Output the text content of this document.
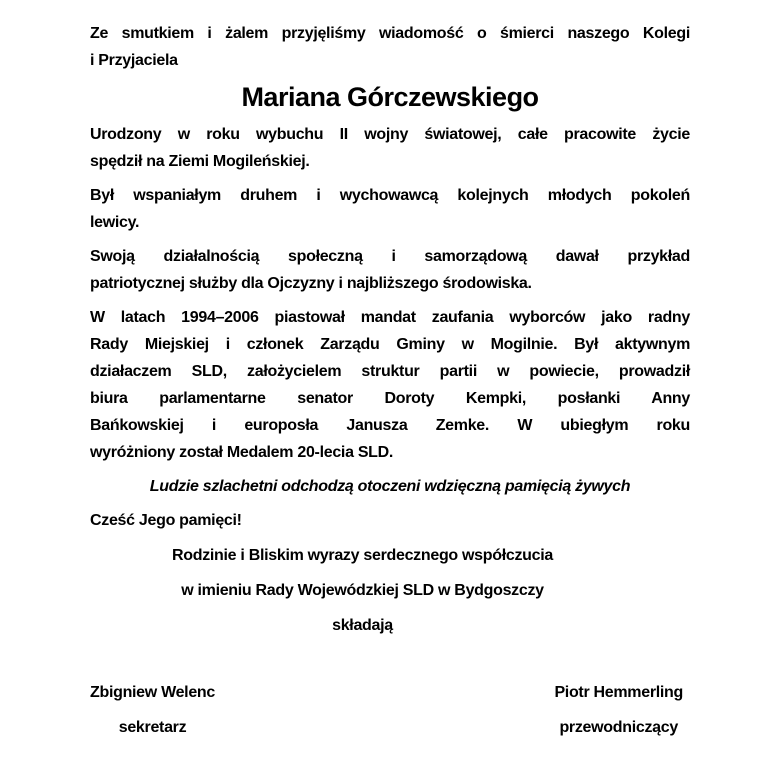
Ze smutkiem i żalem przyjęliśmy wiadomość o śmierci naszego Kolegi
i Przyjaciela
Mariana Górczewskiego
Urodzony w roku wybuchu II wojny światowej, całe pracowite życie
spędził na Ziemi Mogileńskiej.
Był wspaniałym druhem i wychowawcą kolejnych młodych pokoleń
lewicy.
Swoją działalnością społeczną i samorządową dawał przykład
patriotycznej służby dla Ojczyzny i najbliższego środowiska.
W latach 1994–2006 piastował mandat zaufania wyborców jako radny
Rady Miejskiej i członek Zarządu Gminy w Mogilnie. Był aktywnym
działaczem SLD, założycielem struktur partii w powiecie, prowadził
biura parlamentarne senator Doroty Kempki, posłanki Anny
Bańkowskiej i europosła Janusza Zemke. W ubiegłym roku
wyróżniony został Medalem 20-lecia SLD.
Ludzie szlachetni odchodzą otoczeni wdzięczną pamięcią żywych
Cześć Jego pamięci!
Rodzinie i Bliskim wyrazy serdecznego współczucia
w imieniu Rady Wojewódzkiej SLD w Bydgoszczy
składają
Zbigniew Welenc
sekretarz
Piotr Hemmerling
przewodniczący
